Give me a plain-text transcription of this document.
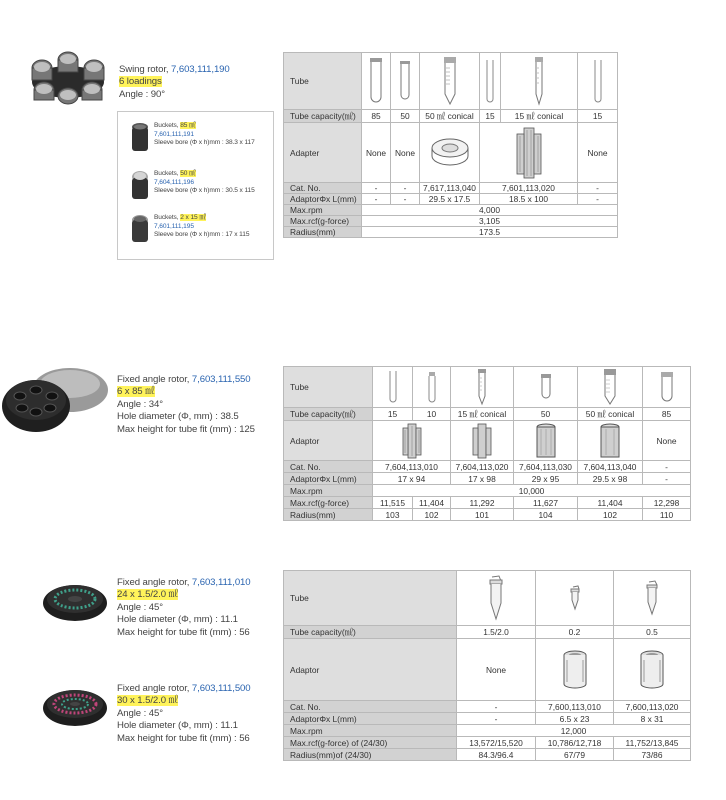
Swing rotor, 7,603,111,190
6 loadings
Angle : 90°
Buckets, 85 ㎖
7,601,111,191
Sleeve bore (Φ x h)mm : 38.3 x 117
Buckets, 50 ㎖
7,604,111,196
Sleeve bore (Φ x h)mm : 30.5 x 115
Buckets, 2 x 15 ㎖
7,601,111,195
Sleeve bore (Φ x h)mm : 17 x 115
Tube	

Tube capacity(㎖)	85	50	50 ㎖ conical	15	15 ㎖ conical	15
Adapter	None	None				None
Cat. No.	-	-	7,617,113,040	7,601,113,020		-
AdaptorΦx L(mm)	-	-	29.5 x 17.5	18.5 x 100		-
Max.rpm	4,000					
Max.rcf(g-force)	3,105					
Radius(mm)	173.5					
Fixed angle rotor, 7,603,111,550
6 x 85 ㎖
Angle : 34°
Hole diameter (Φ, mm) : 38.5
Max height for tube fit (mm) : 125
Tube	

Tube capacity(㎖)	15	10	15 ㎖ conical	50	50 ㎖ conical	85
Adaptor						None
Cat. No.	7,604,113,010		7,604,113,020	7,604,113,030	7,604,113,040	-
AdaptorΦx L(mm)	17 x 94		17 x 98	29 x 95	29.5 x 98	-
Max.rpm	10,000					
Max.rcf(g-force)	11,515	11,404	11,292	11,627	11,404	12,298
Radius(mm)	103	102	101	104	102	110
Fixed angle rotor, 7,603,111,010
24 x 1.5/2.0 ㎖
Angle : 45°
Hole diameter (Φ, mm) : 11.1
Max height for tube fit (mm) : 56
Fixed angle rotor, 7,603,111,500
30 x 1.5/2.0 ㎖
Angle : 45°
Hole diameter (Φ, mm) : 11.1
Max height for tube fit (mm) : 56
Tube	

Tube capacity(㎖)	1.5/2.0	0.2	0.5
Adaptor	None	

Cat. No.	-	7,600,113,010	7,600,113,020
AdaptorΦx L(mm)	-	6.5 x 23	8 x 31
Max.rpm	12,000		
Max.rcf(g-force) of (24/30)	13,572/15,520	10,786/12,718	11,752/13,845
Radius(mm)of (24/30)	84.3/96.4	67/79	73/86
